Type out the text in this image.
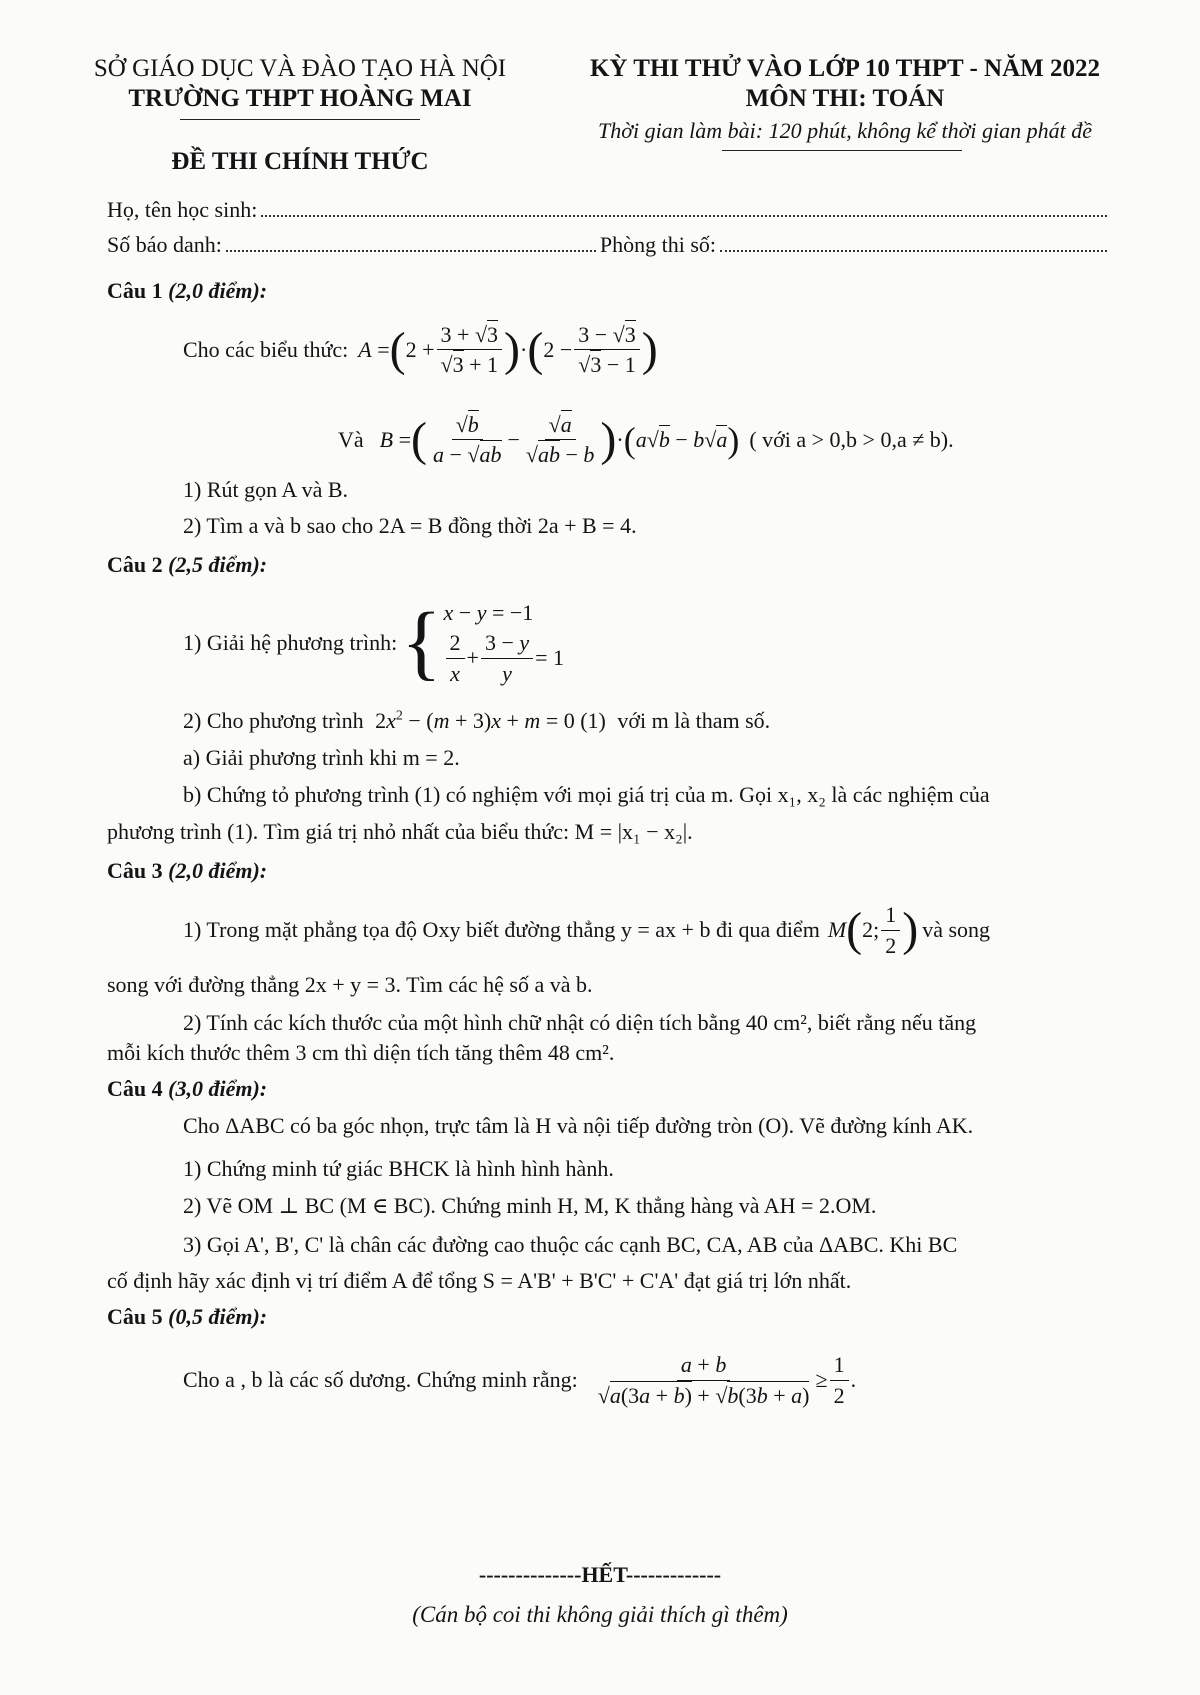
SỞ GIÁO DỤC VÀ ĐÀO TẠO HÀ NỘI
TRƯỜNG THPT HOÀNG MAI
ĐỀ THI CHÍNH THỨC
KỲ THI THỬ VÀO LỚP 10 THPT - NĂM 2022
MÔN THI: TOÁN
Thời gian làm bài: 120 phút, không kể thời gian phát đề
Họ, tên học sinh:
Số báo danh:	Phòng thi số:
Câu 1 (2,0 điểm):
Cho các biểu thức: A = ( $2 + \frac{3 + √3}{√3 + 1}$ ) · ( $2 - \frac{3 - √3}{√3 - 1}$ )
Và B = ( $\frac{√b}{a - √ab} - \frac{√a}{√ab - b}$ ) · ( a√b − b√a ) ( với a > 0,b > 0,a ≠ b).
1) Rút gọn A và B.
2) Tìm a và b sao cho 2A = B đồng thời 2a + B = 4.
Câu 2 (2,5 điểm):
1) Giải hệ phương trình: { x − y = −1
$\frac{2}{x} + \frac{3 - y}{y} = 1$
2) Cho phương trình $2x^2 - (m + 3)x + m = 0$ (1) với m là tham số.
a) Giải phương trình khi m = 2.
b) Chứng tỏ phương trình (1) có nghiệm với mọi giá trị của m. Gọi x₁, x₂ là các nghiệm của
phương trình (1). Tìm giá trị nhỏ nhất của biểu thức: M = |x₁ − x₂|.
Câu 3 (2,0 điểm):
1) Trong mặt phẳng tọa độ Oxy biết đường thẳng y = ax + b đi qua điểm M ( 2; $\frac{1}{2}$ ) và song
song với đường thẳng 2x + y = 3. Tìm các hệ số a và b.
2) Tính các kích thước của một hình chữ nhật có diện tích bằng 40 cm², biết rằng nếu tăng
mỗi kích thước thêm 3 cm thì diện tích tăng thêm 48 cm².
Câu 4 (3,0 điểm):
Cho ΔABC có ba góc nhọn, trực tâm là H và nội tiếp đường tròn (O). Vẽ đường kính AK.
1) Chứng minh tứ giác BHCK là hình hình hành.
2) Vẽ OM ⊥ BC (M ∈ BC). Chứng minh H, M, K thẳng hàng và AH = 2.OM.
3) Gọi A', B', C' là chân các đường cao thuộc các cạnh BC, CA, AB của ΔABC. Khi BC
cố định hãy xác định vị trí điểm A để tổng S = A'B' + B'C' + C'A' đạt giá trị lớn nhất.
Câu 5 (0,5 điểm):
Cho a , b là các số dương. Chứng minh rằng: $\frac{a + b}{√a(3a + b) + √b(3b + a)} \ge \frac{1}{2}$ .
--------------HẾT-------------
(Cán bộ coi thi không giải thích gì thêm)
